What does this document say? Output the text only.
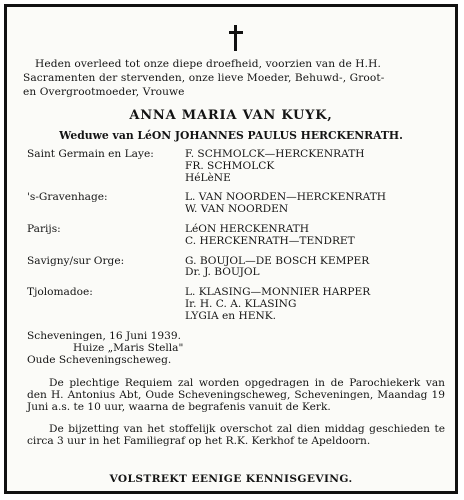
Heden overleed tot onze diepe droefheid, voorzien van de H.H.
Sacramenten der stervenden, onze lieve Moeder, Behuwd-, Groot-
en Overgrootmoeder, Vrouwe
ANNA MARIA VAN KUYK,
Weduwe van LéON JOHANNES PAULUS HERCKENRATH.
Saint Germain en Laye:	F. SCHMOLCK—HERCKENRATH
FR. SCHMOLCK
HéLèNE
's-Gravenhage:	L. VAN NOORDEN—HERCKENRATH
W. VAN NOORDEN
Parijs:	LéON HERCKENRATH
C. HERCKENRATH—TENDRET
Savigny/sur Orge:	G. BOUJOL—DE BOSCH KEMPER
Dr. J. BOUJOL
Tjolomadoe:	L. KLASING—MONNIER HARPER
Ir. H. C. A. KLASING
LYGIA en HENK.
Scheveningen, 16 Juni 1939.
Huize „Maris Stella"
Oude Scheveningscheweg.
De plechtige Requiem zal worden opgedragen in de Parochiekerk van den H. Antonius Abt, Oude Scheveningscheweg, Scheveningen, Maandag 19 Juni a.s. te 10 uur, waarna de begrafenis vanuit de Kerk.
De bijzetting van het stoffelijk overschot zal dien middag geschieden te circa 3 uur in het Familiegraf op het R.K. Kerkhof te Apeldoorn.
VOLSTREKT EENIGE KENNISGEVING.
